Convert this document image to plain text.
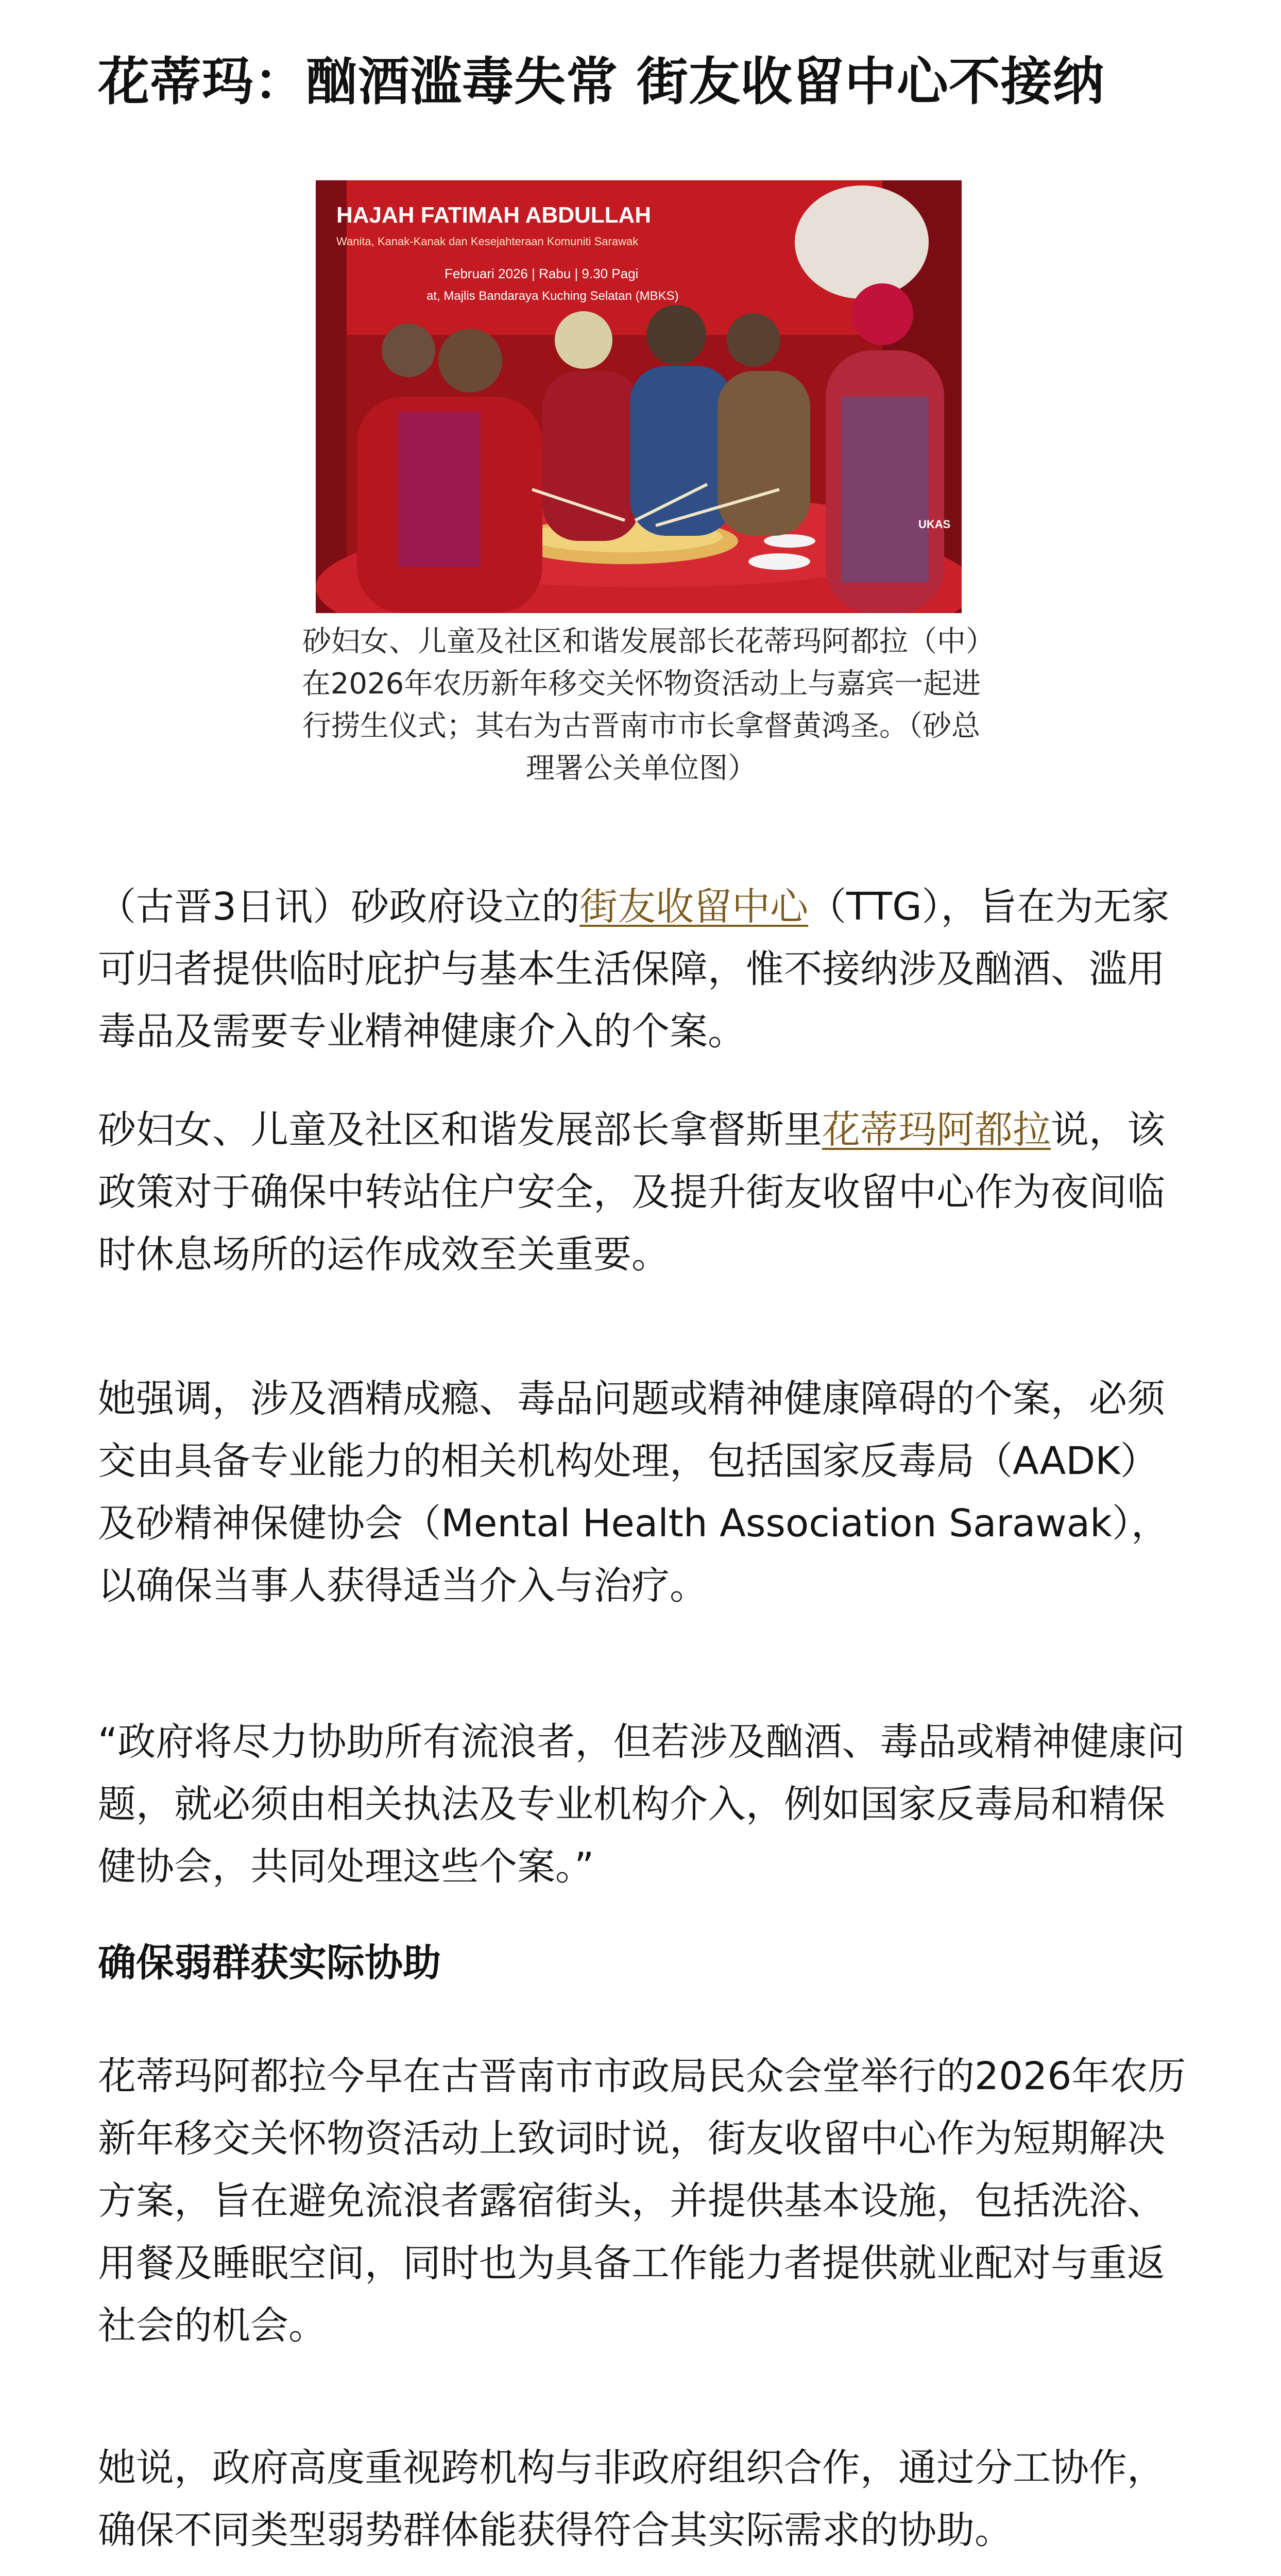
花蒂玛：酗酒滥毒失常 街友收留中心不接纳
HAJAH FATIMAH ABDULLAH
Wanita, Kanak-Kanak dan Kesejahteraan Komuniti Sarawak
Februari 2026 | Rabu | 9.30 Pagi
at, Majlis Bandaraya Kuching Selatan (MBKS)
UKAS
砂妇女、儿童及社区和谐发展部长花蒂玛阿都拉（中）在2026年农历新年移交关怀物资活动上与嘉宾一起进行捞生仪式；其右为古晋南市市长拿督黄鸿圣。（砂总理署公关单位图）

（古晋3日讯）砂政府设立的街友收留中心（TTG），旨在为无家可归者提供临时庇护与基本生活保障，惟不接纳涉及酗酒、滥用毒品及需要专业精神健康介入的个案。

砂妇女、儿童及社区和谐发展部长拿督斯里花蒂玛阿都拉说，该政策对于确保中转站住户安全，及提升街友收留中心作为夜间临时休息场所的运作成效至关重要。

她强调，涉及酒精成瘾、毒品问题或精神健康障碍的个案，必须交由具备专业能力的相关机构处理，包括国家反毒局（AADK）及砂精神保健协会（Mental Health Association Sarawak），以确保当事人获得适当介入与治疗。

“政府将尽力协助所有流浪者，但若涉及酗酒、毒品或精神健康问题，就必须由相关执法及专业机构介入，例如国家反毒局和精保健协会，共同处理这些个案。”

确保弱群获实际协助

花蒂玛阿都拉今早在古晋南市市政局民众会堂举行的2026年农历新年移交关怀物资活动上致词时说，街友收留中心作为短期解决方案，旨在避免流浪者露宿街头，并提供基本设施，包括洗浴、用餐及睡眠空间，同时也为具备工作能力者提供就业配对与重返社会的机会。

她说，政府高度重视跨机构与非政府组织合作，通过分工协作，确保不同类型弱势群体能获得符合其实际需求的协助。
